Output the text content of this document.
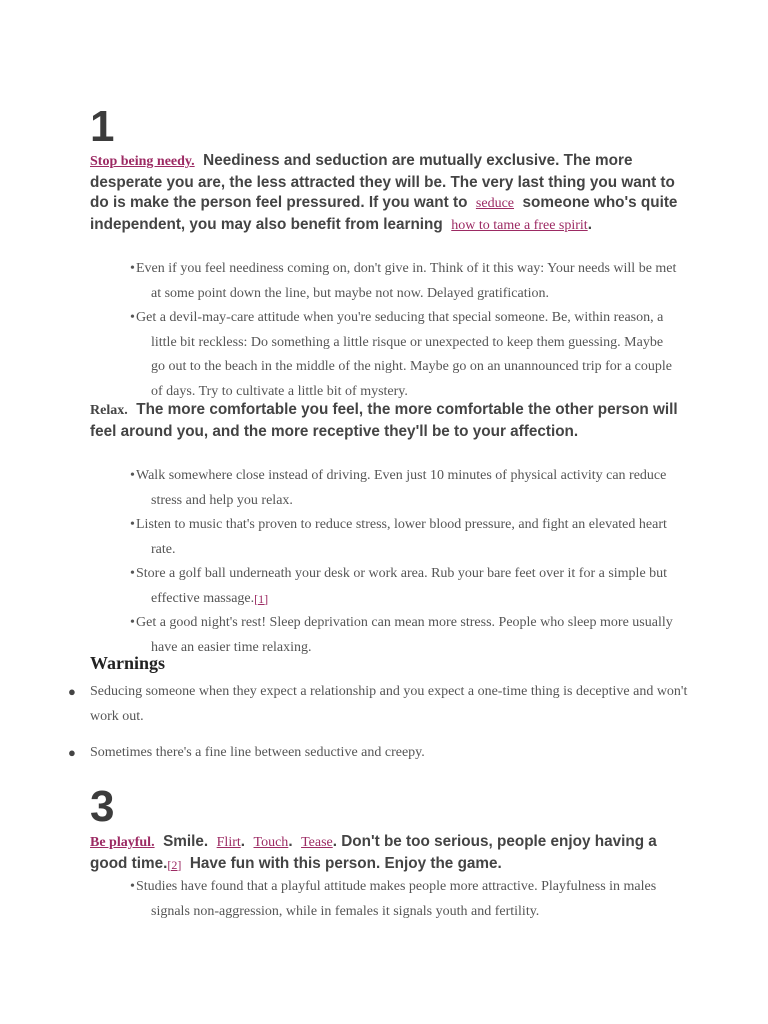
1

Stop being needy. Neediness and seduction are mutually exclusive. The more desperate you are, the less attracted they will be. The very last thing you want to do is make the person feel pressured. If you want to seduce someone who's quite independent, you may also benefit from learning how to tame a free spirit.

•Even if you feel neediness coming on, don't give in. Think of it this way: Your needs will be met at some point down the line, but maybe not now. Delayed gratification.
•Get a devil-may-care attitude when you're seducing that special someone. Be, within reason, a little bit reckless: Do something a little risque or unexpected to keep them guessing. Maybe go out to the beach in the middle of the night. Maybe go on an unannounced trip for a couple of days. Try to cultivate a little bit of mystery.

Relax. The more comfortable you feel, the more comfortable the other person will feel around you, and the more receptive they'll be to your affection.

•Walk somewhere close instead of driving. Even just 10 minutes of physical activity can reduce stress and help you relax.
•Listen to music that's proven to reduce stress, lower blood pressure, and fight an elevated heart rate.
•Store a golf ball underneath your desk or work area. Rub your bare feet over it for a simple but effective massage.[1]
•Get a good night's rest! Sleep deprivation can mean more stress. People who sleep more usually have an easier time relaxing.
Warnings
● Seducing someone when they expect a relationship and you expect a one-time thing is deceptive and won't work out.
● Sometimes there's a fine line between seductive and creepy.
3

Be playful. Smile. Flirt. Touch. Tease. Don't be too serious, people enjoy having a good time.[2] Have fun with this person. Enjoy the game.

•Studies have found that a playful attitude makes people more attractive. Playfulness in males signals non-aggression, while in females it signals youth and fertility.
